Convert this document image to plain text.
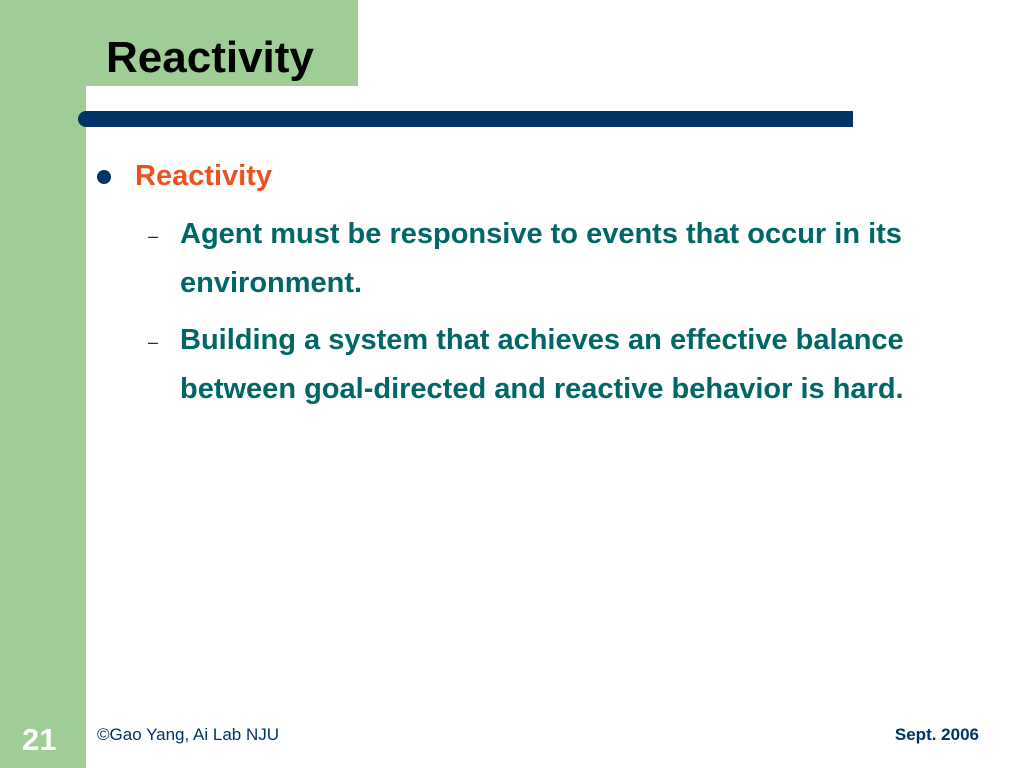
Reactivity
Reactivity
– Agent must be responsive to events that occur in its environment.
– Building a system that achieves an effective balance between goal-directed and reactive behavior is hard.
21 ©Gao Yang, Ai Lab NJU	Sept. 2006
